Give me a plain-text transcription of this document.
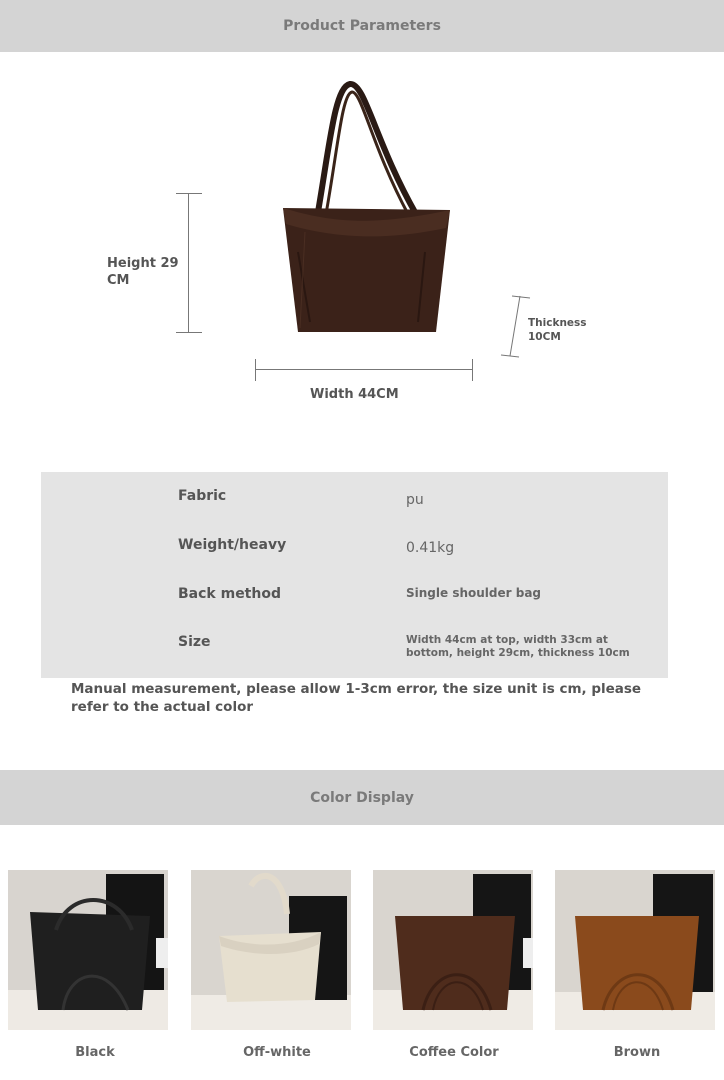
Product Parameters
Height 29 CM
Width 44CM
Thickness 10CM
Fabric	pu
Weight/heavy	0.41kg
Back method	Single shoulder bag
Size	Width 44cm at top, width 33cm at bottom, height 29cm, thickness 10cm
Manual measurement, please allow 1-3cm error, the size unit is cm, please refer to the actual color
Color Display
Black	Off-white	Coffee Color	Brown
